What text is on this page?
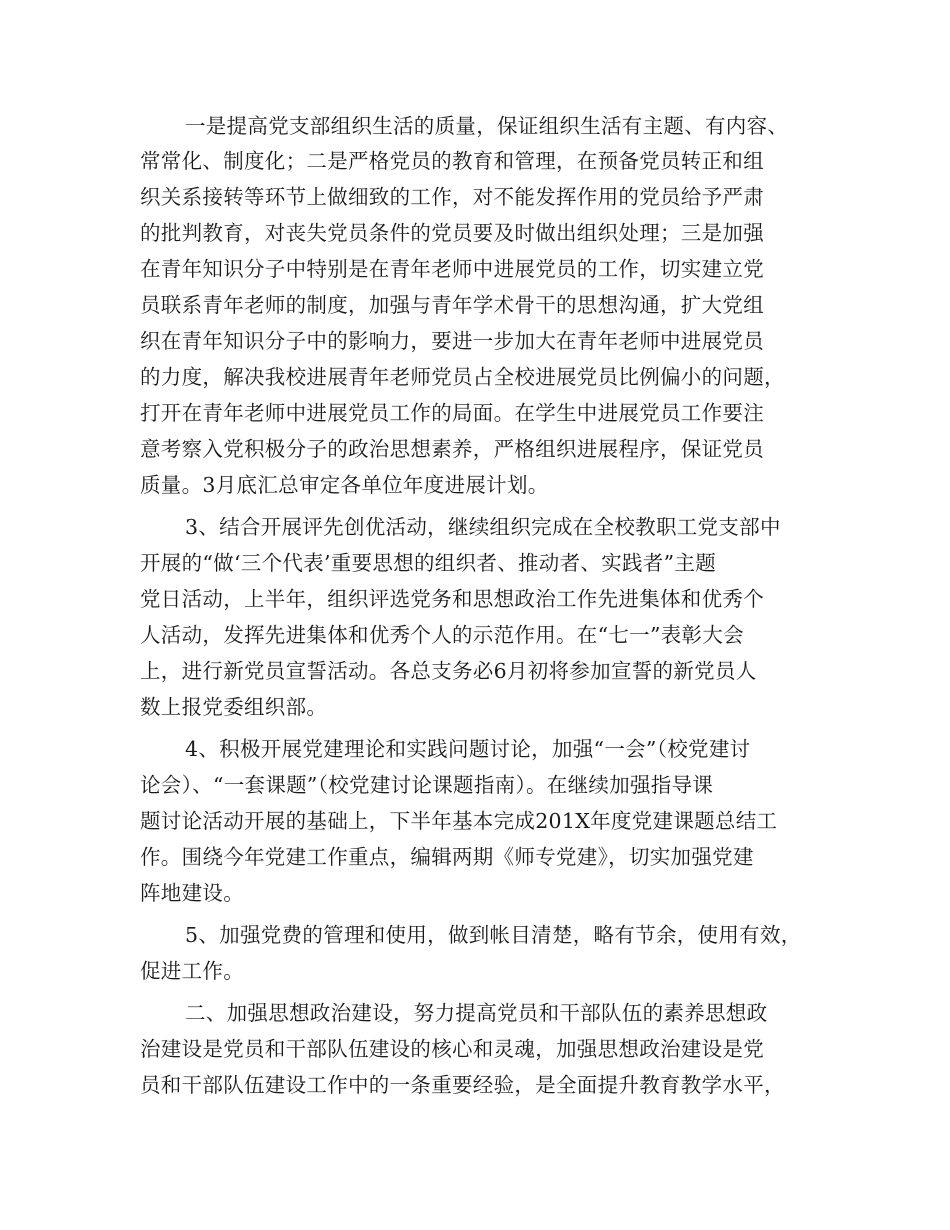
一是提高党支部组织生活的质量，保证组织生活有主题、有内容、
常常化、制度化；二是严格党员的教育和管理，在预备党员转正和组
织关系接转等环节上做细致的工作，对不能发挥作用的党员给予严肃
的批判教育，对丧失党员条件的党员要及时做出组织处理；三是加强
在青年知识分子中特别是在青年老师中进展党员的工作，切实建立党
员联系青年老师的制度，加强与青年学术骨干的思想沟通，扩大党组
织在青年知识分子中的影响力，要进一步加大在青年老师中进展党员
的力度，解决我校进展青年老师党员占全校进展党员比例偏小的问题，
打开在青年老师中进展党员工作的局面。在学生中进展党员工作要注
意考察入党积极分子的政治思想素养，严格组织进展程序，保证党员
质量。3月底汇总审定各单位年度进展计划。
3、结合开展评先创优活动，继续组织完成在全校教职工党支部中
开展的“做‘三个代表’重要思想的组织者、推动者、实践者”主题
党日活动，上半年，组织评选党务和思想政治工作先进集体和优秀个
人活动，发挥先进集体和优秀个人的示范作用。在“七一”表彰大会
上，进行新党员宣誓活动。各总支务必6月初将参加宣誓的新党员人
数上报党委组织部。
4、积极开展党建理论和实践问题讨论，加强“一会”（校党建讨
论会）、“一套课题”（校党建讨论课题指南）。在继续加强指导课
题讨论活动开展的基础上，下半年基本完成201X年度党建课题总结工
作。围绕今年党建工作重点，编辑两期《师专党建》，切实加强党建
阵地建设。
5、加强党费的管理和使用，做到帐目清楚，略有节余，使用有效，
促进工作。
二、加强思想政治建设，努力提高党员和干部队伍的素养思想政
治建设是党员和干部队伍建设的核心和灵魂，加强思想政治建设是党
员和干部队伍建设工作中的一条重要经验，是全面提升教育教学水平，
